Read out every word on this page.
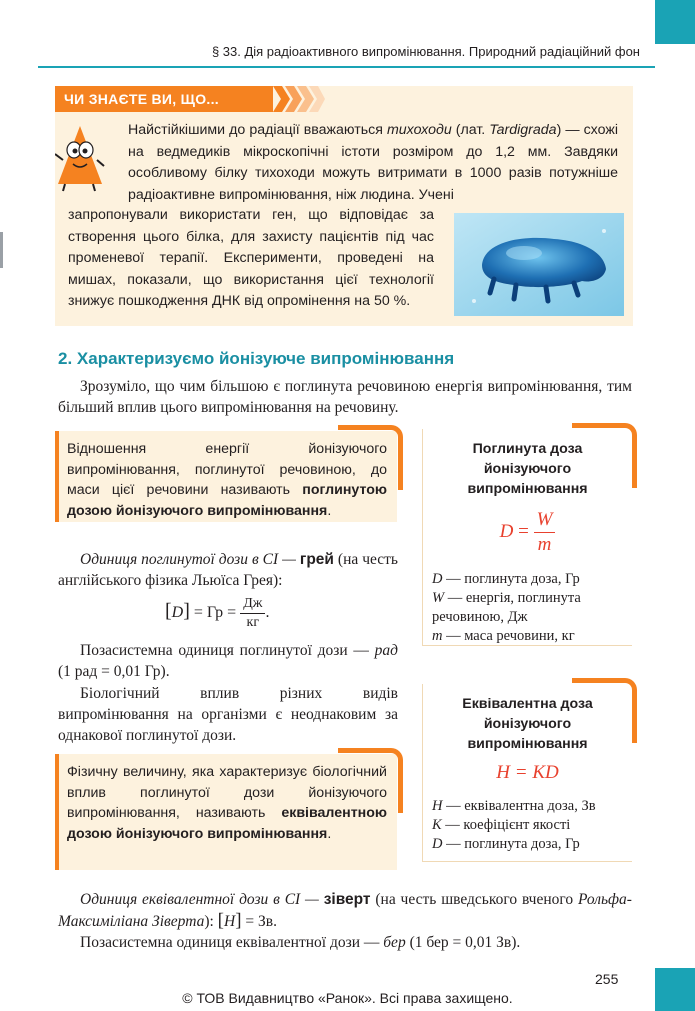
§ 33. Дія радіоактивного випромінювання. Природний радіаційний фон
ЧИ ЗНАЄТЕ ВИ, ЩО...
Найстійкішими до радіації вважаються тихоходи (лат. Tardigrada) — схожі на ведмедиків мікроскопічні істоти розміром до 1,2 мм. Завдяки особливому білку тихоходи можуть витримати в 1000 разів потужніше радіоактивне випромінювання, ніж людина. Учені
запропонували використати ген, що відповідає за створення цього білка, для захисту пацієнтів під час променевої терапії. Експерименти, проведені на мишах, показали, що використання цієї технології знижує пошкодження ДНК від опромінення на 50 %.
2. Характеризуємо йонізуюче випромінювання
Зрозуміло, що чим більшою є поглинута речовиною енергія випромінювання, тим більший вплив цього випромінювання на речовину.
Відношення енергії йонізуючого випромінювання, поглинутої речовиною, до маси цієї речовини називають поглинутою дозою йонізуючого випромінювання.
Поглинута доза йонізуючого випромінювання
$D = \frac{W}{m}$
D — поглинута доза, Гр
W — енергія, поглинута речовиною, Дж
m — маса речовини, кг
Одиниця поглинутої дози в СІ — грей (на честь англійського фізика Льюїса Грея):
[D] = Гр = $\frac{Дж}{кг}$ .
Позасистемна одиниця поглинутої дози — рад (1 рад = 0,01 Гр).
Біологічний вплив різних видів випромінювання на організми є неоднаковим за однакової поглинутої дози.
Еквівалентна доза йонізуючого випромінювання
H = KD
H — еквівалентна доза, Зв
K — коефіцієнт якості
D — поглинута доза, Гр
Фізичну величину, яка характеризує біологічний вплив поглинутої дози йонізуючого випромінювання, називають еквівалентною дозою йонізуючого випромінювання.
Одиниця еквівалентної дози в СІ — зіверт (на честь шведського вченого Рольфа-Максиміліана Зіверта): [H] = Зв.
Позасистемна одиниця еквівалентної дози — бер (1 бер = 0,01 Зв).
255
© ТОВ Видавництво «Ранок». Всі права захищено.
